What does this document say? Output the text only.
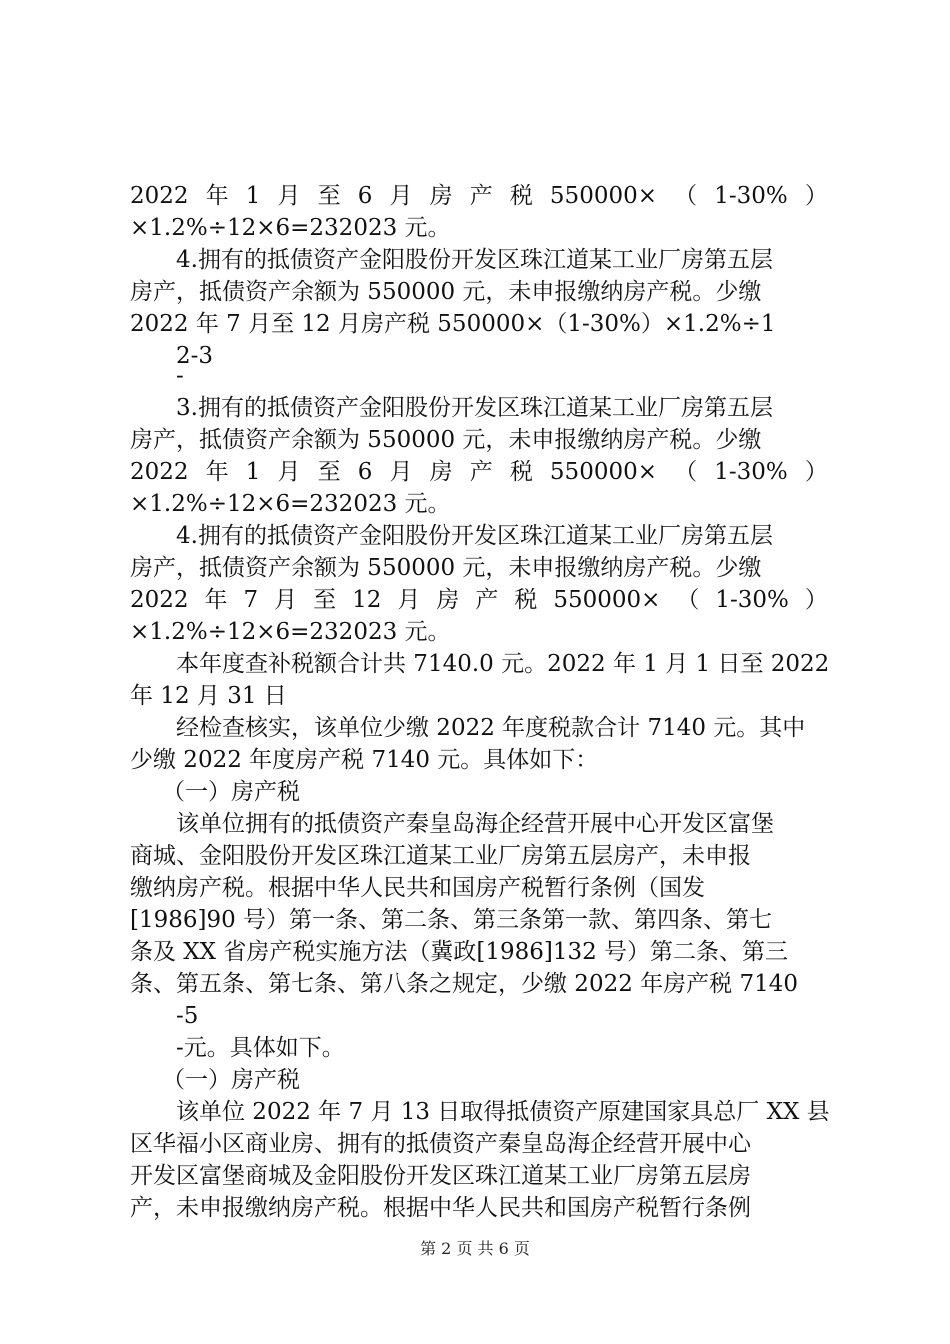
2022 年 1 月 至 6 月 房 产 税 550000× （ 1-30% ）
×1.2%÷12×6=232023 元。
4.拥有的抵债资产金阳股份开发区珠江道某工业厂房第五层
房产，抵债资产余额为 550000 元，未申报缴纳房产税。少缴
2022 年 7 月至 12 月房产税 550000×（1-30%）×1.2%÷1
2-3
-
3.拥有的抵债资产金阳股份开发区珠江道某工业厂房第五层
房产，抵债资产余额为 550000 元，未申报缴纳房产税。少缴
2022 年 1 月 至 6 月 房 产 税 550000× （ 1-30% ）
×1.2%÷12×6=232023 元。
4.拥有的抵债资产金阳股份开发区珠江道某工业厂房第五层
房产，抵债资产余额为 550000 元，未申报缴纳房产税。少缴
2022 年 7 月 至 12 月 房 产 税 550000× （ 1-30% ）
×1.2%÷12×6=232023 元。
本年度查补税额合计共 7140.0 元。2022 年 1 月 1 日至 2022
年 12 月 31 日
经检查核实，该单位少缴 2022 年度税款合计 7140 元。其中
少缴 2022 年度房产税 7140 元。具体如下：
（一）房产税
该单位拥有的抵债资产秦皇岛海企经营开展中心开发区富堡
商城、金阳股份开发区珠江道某工业厂房第五层房产，未申报
缴纳房产税。根据中华人民共和国房产税暂行条例（国发
[1986]90 号）第一条、第二条、第三条第一款、第四条、第七
条及 XX 省房产税实施方法（冀政[1986]132 号）第二条、第三
条、第五条、第七条、第八条之规定，少缴 2022 年房产税 7140
-5
-元。具体如下。
（一）房产税
该单位 2022 年 7 月 13 日取得抵债资产原建国家具总厂 XX 县
区华福小区商业房、拥有的抵债资产秦皇岛海企经营开展中心
开发区富堡商城及金阳股份开发区珠江道某工业厂房第五层房
产，未申报缴纳房产税。根据中华人民共和国房产税暂行条例
第 2 页 共 6 页
